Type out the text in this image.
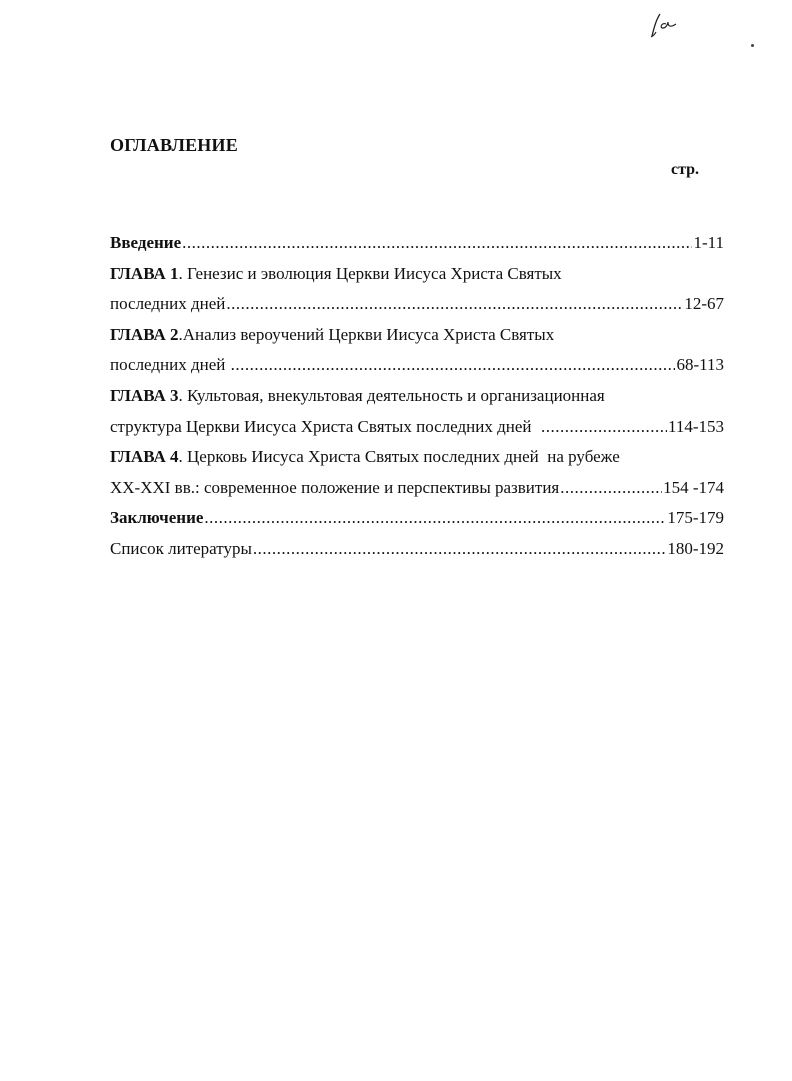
ОГЛАВЛЕНИЕ
стр.
Введение .....	1-11
ГЛАВА 1. Генезис и эволюция Церкви Иисуса Христа Святых
последних дней .....	12-67
ГЛАВА 2.Анализ вероучений Церкви Иисуса Христа Святых
последних дней .....	68-113
ГЛАВА 3. Культовая, внекультовая деятельность и организационная
структура Церкви Иисуса Христа Святых последних дней .....	114-153
ГЛАВА 4. Церковь Иисуса Христа Святых последних дней  на рубеже
XX-XXI вв.: современное положение и перспективы развития .....	154 -174
Заключение .....	175-179
Список литературы .....	180-192
